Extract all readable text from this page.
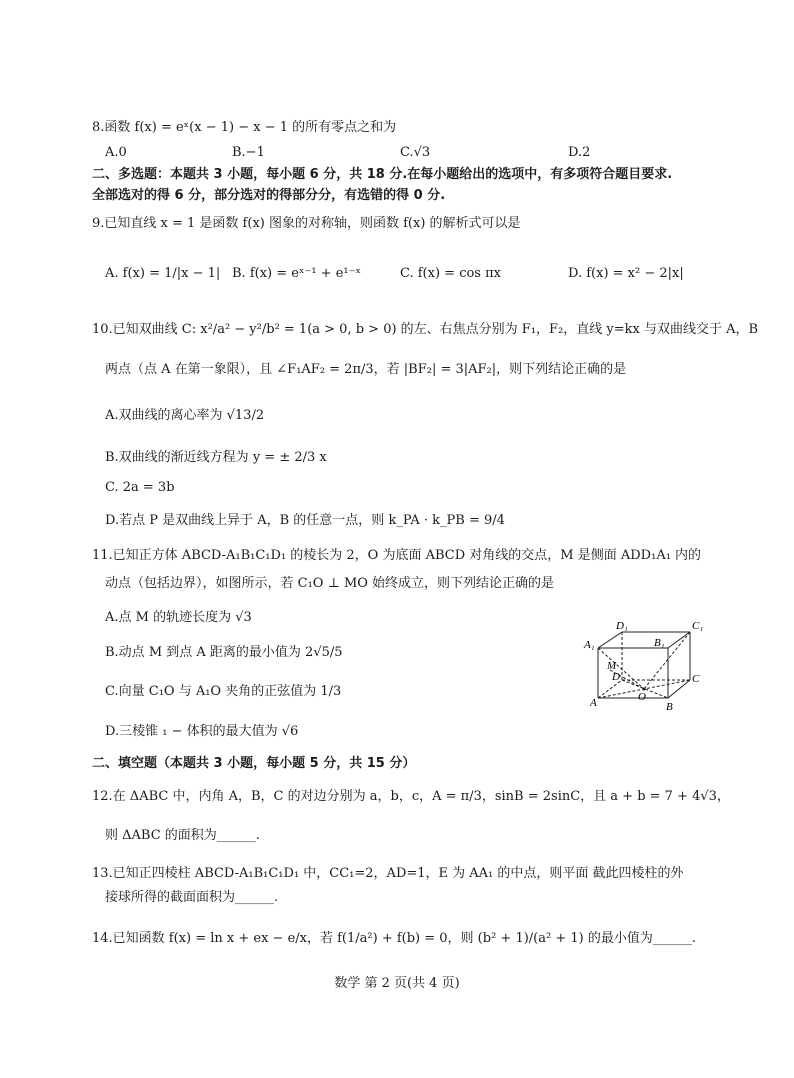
8.函数 f(x) = eˣ(x − 1) − x − 1 的所有零点之和为
A.0	B.−1	C.√3	D.2
二、多选题：本题共 3 小题，每小题 6 分，共 18 分.在每小题给出的选项中，有多项符合题目要求.
全部选对的得 6 分，部分选对的得部分分，有选错的得 0 分.
9.已知直线 x = 1 是函数 f(x) 图象的对称轴，则函数 f(x) 的解析式可以是
A. f(x) = 1/|x − 1| B. f(x) = eˣ⁻¹ + e¹⁻ˣ	C. f(x) = cos πx	D. f(x) = x² − 2|x|
10.已知双曲线 C: x²/a² − y²/b² = 1(a > 0, b > 0) 的左、右焦点分别为 F₁，F₂，直线 y=kx 与双曲线交于 A，B
两点（点 A 在第一象限），且 ∠F₁AF₂ = 2π/3，若 |BF₂| = 3|AF₂|，则下列结论正确的是
A.双曲线的离心率为 √13/2
B.双曲线的渐近线方程为 y = ± 2/3 x
C. 2a = 3b
D.若点 P 是双曲线上异于 A，B 的任意一点，则 k_PA · k_PB = 9/4
11.已知正方体 ABCD-A₁B₁C₁D₁ 的棱长为 2，O 为底面 ABCD 对角线的交点，M 是侧面 ADD₁A₁ 内的
动点（包括边界），如图所示，若 C₁O ⊥ MO 始终成立，则下列结论正确的是
A.点 M 的轨迹长度为 √3
B.动点 M 到点 A 距离的最小值为 2√5/5
C.向量 C₁O 与 A₁O 夹角的正弦值为 1/3
D.三棱锥 ₁ − 体积的最大值为 √6
D₁	C₁
A₁	B₁
M
D	C
O
A	B
二、填空题（本题共 3 小题，每小题 5 分，共 15 分）
12.在 ΔABC 中，内角 A，B，C 的对边分别为 a，b，c，A = π/3，sinB = 2sinC，且 a + b = 7 + 4√3，
则 ΔABC 的面积为______.
13.已知正四棱柱 ABCD-A₁B₁C₁D₁ 中，CC₁=2，AD=1，E 为 AA₁ 的中点，则平面 截此四棱柱的外
接球所得的截面面积为______.
14.已知函数 f(x) = ln x + ex − e/x，若 f(1/a²) + f(b) = 0，则 (b² + 1)/(a² + 1) 的最小值为______.
数学 第 2 页(共 4 页)
